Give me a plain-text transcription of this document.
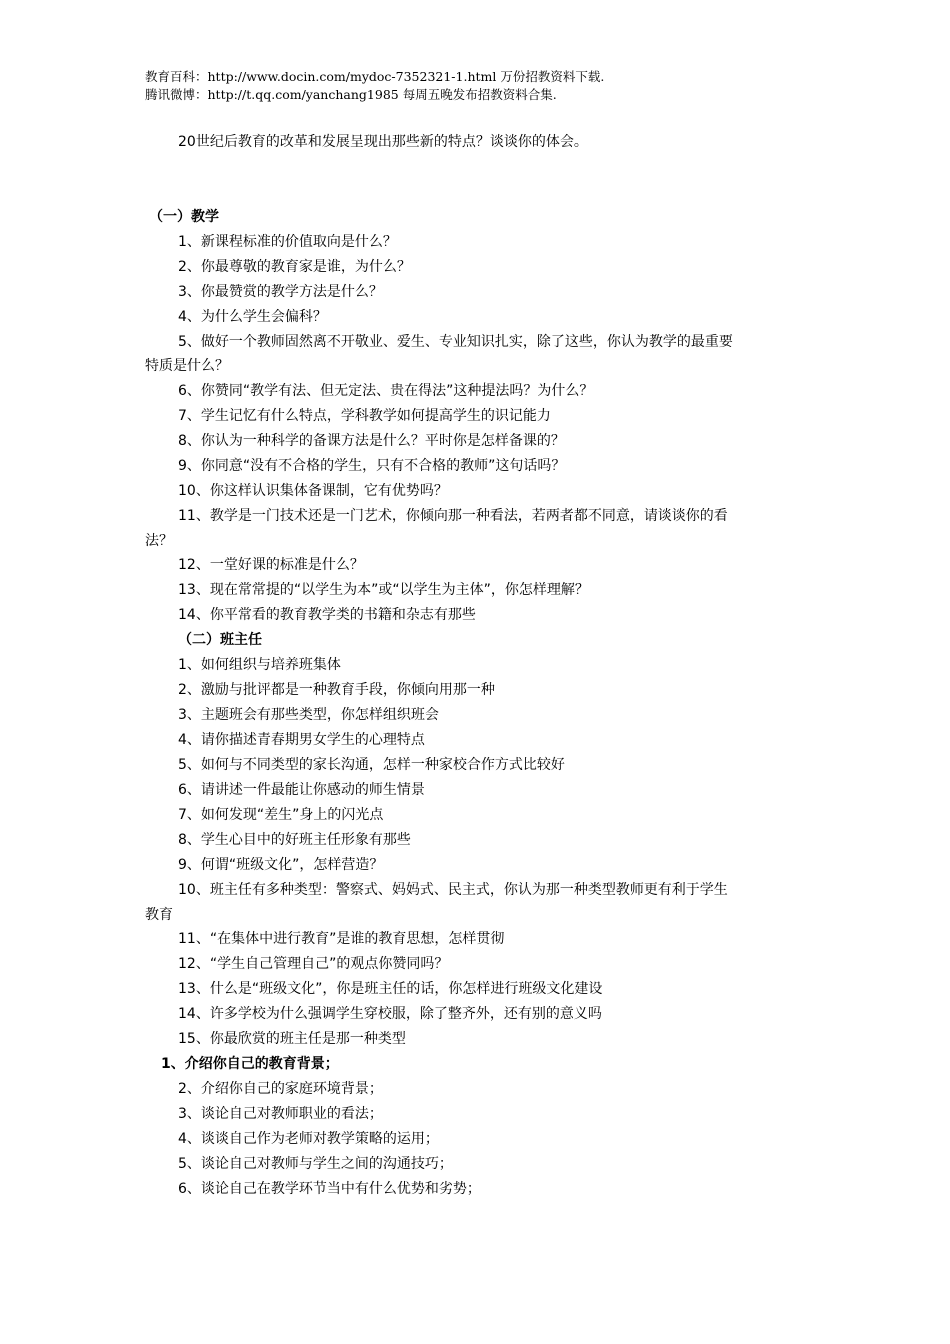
教育百科：http://www.docin.com/mydoc-7352321-1.html 万份招教资料下载.
腾讯微博：http://t.qq.com/yanchang1985 每周五晚发布招教资料合集.
20世纪后教育的改革和发展呈现出那些新的特点？谈谈你的体会。
（一）教学
1、新课程标准的价值取向是什么？
2、你最尊敬的教育家是谁，为什么？
3、你最赞赏的教学方法是什么？
4、为什么学生会偏科？
5、做好一个教师固然离不开敬业、爱生、专业知识扎实，除了这些，你认为教学的最重要
特质是什么？
6、你赞同“教学有法、但无定法、贵在得法”这种提法吗？为什么？
7、学生记忆有什么特点，学科教学如何提高学生的识记能力
8、你认为一种科学的备课方法是什么？平时你是怎样备课的？
9、你同意“没有不合格的学生，只有不合格的教师”这句话吗？
10、你这样认识集体备课制，它有优势吗？
11、教学是一门技术还是一门艺术，你倾向那一种看法，若两者都不同意，请谈谈你的看
法？
12、一堂好课的标准是什么？
13、现在常常提的“以学生为本”或“以学生为主体”，你怎样理解？
14、你平常看的教育教学类的书籍和杂志有那些
（二）班主任
1、如何组织与培养班集体
2、激励与批评都是一种教育手段，你倾向用那一种
3、主题班会有那些类型，你怎样组织班会
4、请你描述青春期男女学生的心理特点
5、如何与不同类型的家长沟通，怎样一种家校合作方式比较好
6、请讲述一件最能让你感动的师生情景
7、如何发现“差生”身上的闪光点
8、学生心目中的好班主任形象有那些
9、何谓“班级文化”，怎样营造？
10、班主任有多种类型：警察式、妈妈式、民主式，你认为那一种类型教师更有利于学生
教育
11、“在集体中进行教育”是谁的教育思想，怎样贯彻
12、“学生自己管理自己”的观点你赞同吗？
13、什么是“班级文化”，你是班主任的话，你怎样进行班级文化建设
14、许多学校为什么强调学生穿校服，除了整齐外，还有别的意义吗
15、你最欣赏的班主任是那一种类型
1、介绍你自己的教育背景；
2、介绍你自己的家庭环境背景；
3、谈论自己对教师职业的看法；
4、谈谈自己作为老师对教学策略的运用；
5、谈论自己对教师与学生之间的沟通技巧；
6、谈论自己在教学环节当中有什么优势和劣势；
